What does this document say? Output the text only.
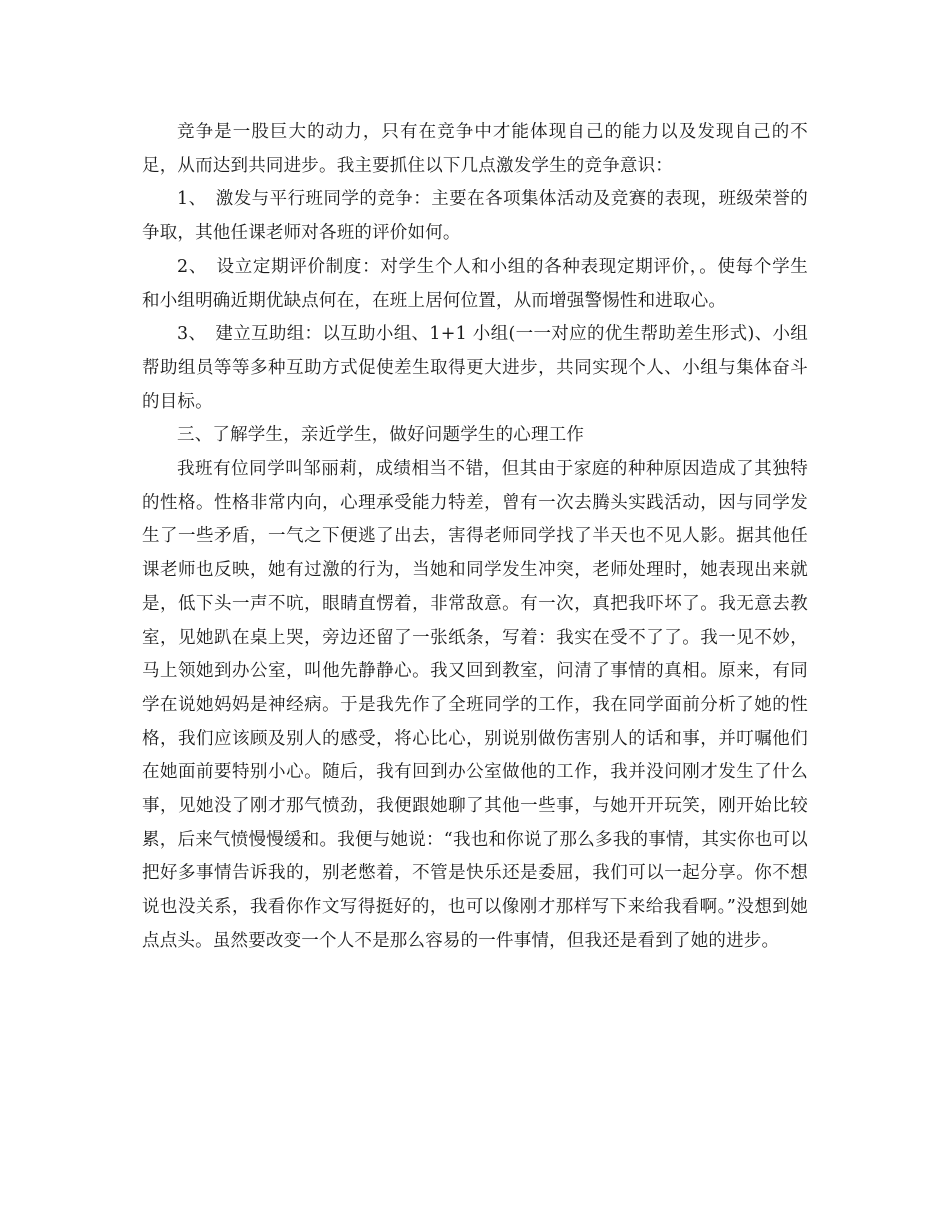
竞争是一股巨大的动力，只有在竞争中才能体现自己的能力以及发现自己的不足，从而达到共同进步。我主要抓住以下几点激发学生的竞争意识：

1、　激发与平行班同学的竞争：主要在各项集体活动及竞赛的表现，班级荣誉的争取，其他任课老师对各班的评价如何。

2、　设立定期评价制度：对学生个人和小组的各种表现定期评价，。使每个学生和小组明确近期优缺点何在，在班上居何位置，从而增强警惕性和进取心。

3、　建立互助组：以互助小组、1+1 小组(一一对应的优生帮助差生形式)、小组帮助组员等等多种互助方式促使差生取得更大进步，共同实现个人、小组与集体奋斗的目标。

三、了解学生，亲近学生，做好问题学生的心理工作

我班有位同学叫邹丽莉，成绩相当不错，但其由于家庭的种种原因造成了其独特的性格。性格非常内向，心理承受能力特差，曾有一次去腾头实践活动，因与同学发生了一些矛盾，一气之下便逃了出去，害得老师同学找了半天也不见人影。据其他任课老师也反映，她有过激的行为，当她和同学发生冲突，老师处理时，她表现出来就是，低下头一声不吭，眼睛直愣着，非常敌意。有一次，真把我吓坏了。我无意去教室，见她趴在桌上哭，旁边还留了一张纸条，写着：我实在受不了了。我一见不妙，马上领她到办公室，叫他先静静心。我又回到教室，问清了事情的真相。原来，有同学在说她妈妈是神经病。于是我先作了全班同学的工作，我在同学面前分析了她的性格，我们应该顾及别人的感受，将心比心，别说别做伤害别人的话和事，并叮嘱他们在她面前要特别小心。随后，我有回到办公室做他的工作，我并没问刚才发生了什么事，见她没了刚才那气愤劲，我便跟她聊了其他一些事，与她开开玩笑，刚开始比较累，后来气愤慢慢缓和。我便与她说：“我也和你说了那么多我的事情，其实你也可以把好多事情告诉我的，别老憋着，不管是快乐还是委屈，我们可以一起分享。你不想说也没关系，我看你作文写得挺好的，也可以像刚才那样写下来给我看啊。”没想到她点点头。虽然要改变一个人不是那么容易的一件事情，但我还是看到了她的进步。
